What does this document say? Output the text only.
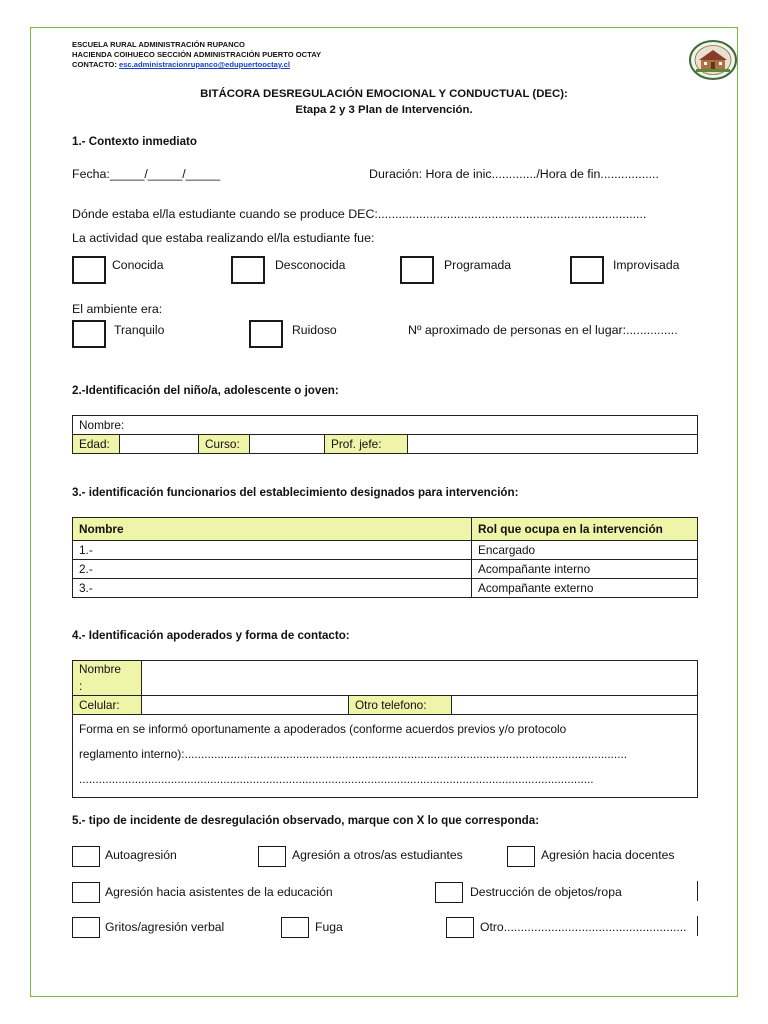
ESCUELA RURAL ADMINISTRACIÓN RUPANCO
HACIENDA COIHUECO SECCIÓN ADMINISTRACIÓN PUERTO OCTAY
CONTACTO: esc.administracionrupanco@edupuertooctay.cl
BITÁCORA DESREGULACIÓN EMOCIONAL Y CONDUCTUAL (DEC):
Etapa 2 y 3 Plan de Intervención.
1.- Contexto inmediato
Fecha:_____/_____/_____	Duración: Hora de inic............./Hora de fin.................
Dónde estaba el/la estudiante cuando se produce DEC:..............................................................................
La actividad que estaba realizando el/la estudiante fue:
Conocida	Desconocida	Programada	Improvisada
El ambiente era:
Tranquilo	Ruidoso	Nº aproximado de personas en el lugar:...............
2.-Identificación del niño/a, adolescente o joven:
Nombre:
Edad:		Curso:		Prof. jefe:	
3.- identificación funcionarios del establecimiento designados para intervención:
Nombre	Rol que ocupa en la intervención
1.-	Encargado
2.-	Acompañante interno
3.-	Acompañante externo
4.- Identificación apoderados y forma de contacto:
Nombre
:			
Celular:		Otro telefono:	

Forma en se informó oportunamente a apoderados (conforme acuerdos previos y/o protocolo
reglamento interno):.......................................................................................................................................
.............................................................................................................................................................			
5.- tipo de incidente de desregulación observado, marque con X lo que corresponda:
Autoagresión	Agresión a otros/as estudiantes	Agresión hacia docentes
Agresión hacia asistentes de la educación	Destrucción de objetos/ropa
Gritos/agresión verbal	Fuga	Otro......................................................
